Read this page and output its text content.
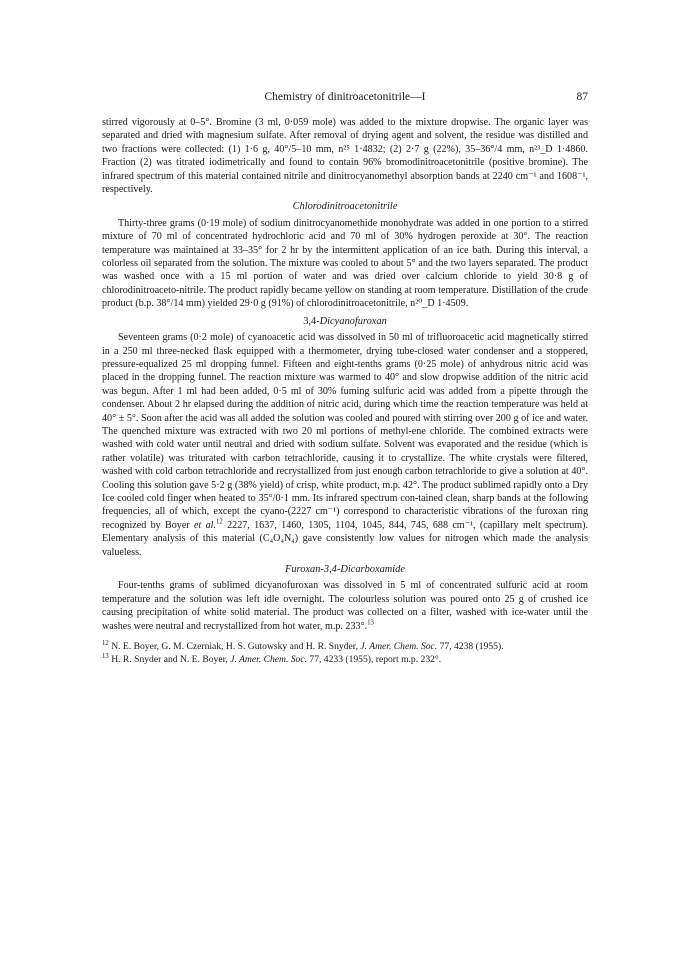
Chemistry of dinitroacetonitrile—I	87

stirred vigorously at 0–5°. Bromine (3 ml, 0·059 mole) was added to the mixture dropwise. The organic layer was separated and dried with magnesium sulfate. After removal of drying agent and solvent, the residue was distilled and two fractions were collected: (1) 1·6 g, 40°/5–10 mm, n²⁵ 1·4832; (2) 2·7 g (22%), 35–36°/4 mm, n²³_D 1·4860. Fraction (2) was titrated iodimetrically and found to contain 96% bromodinitroacetonitrile (positive bromine). The infrared spectrum of this material contained nitrile and dinitrocyanomethyl absorption bands at 2240 cm⁻¹ and 1608⁻¹, respectively.

Chlorodinitroacetonitrile

Thirty-three grams (0·19 mole) of sodium dinitrocyanomethide monohydrate was added in one portion to a stirred mixture of 70 ml of concentrated hydrochloric acid and 70 ml of 30% hydrogen peroxide at 30°. The reaction temperature was maintained at 33–35° for 2 hr by the intermittent application of an ice bath. During this interval, a colorless oil separated from the solution. The mixture was cooled to about 5° and the two layers separated. The product was washed once with a 15 ml portion of water and was dried over calcium chloride to yield 30·8 g of chlorodinitroaceto-nitrile. The product rapidly became yellow on standing at room temperature. Distillation of the crude product (b.p. 38°/14 mm) yielded 29·0 g (91%) of chlorodinitroacetonitrile, n²⁰_D 1·4509.

3,4-Dicyanofuroxan

Seventeen grams (0·2 mole) of cyanoacetic acid was dissolved in 50 ml of trifluoroacetic acid magnetically stirred in a 250 ml three-necked flask equipped with a thermometer, drying tube-closed water condenser and a stoppered, pressure-equalized 25 ml dropping funnel. Fifteen and eight-tenths grams (0·25 mole) of anhydrous nitric acid was placed in the dropping funnel. The reaction mixture was warmed to 40° and slow dropwise addition of the nitric acid was begun. After 1 ml had been added, 0·5 ml of 30% fuming sulfuric acid was added from a pipette through the condenser. About 2 hr elapsed during the addition of nitric acid, during which time the reaction temperature was held at 40° ± 5°. Soon after the acid was all added the solution was cooled and poured with stirring over 200 g of ice and water. The quenched mixture was extracted with two 20 ml portions of methyl-ene chloride. The combined extracts were washed with cold water until neutral and dried with sodium sulfate. Solvent was evaporated and the residue (which is rather volatile) was triturated with carbon tetrachloride, causing it to crystallize. The white crystals were filtered, washed with cold carbon tetrachloride and recrystallized from just enough carbon tetrachloride to give a solution at 40°. Cooling this solution gave 5·2 g (38% yield) of crisp, white product, m.p. 42°. The product sublimed rapidly onto a Dry Ice cooled cold finger when heated to 35°/0·1 mm. Its infrared spectrum con-tained clean, sharp bands at the following frequencies, all of which, except the cyano-(2227 cm⁻¹) correspond to characteristic vibrations of the furoxan ring recognized by Boyer et al.$^{12}$ 2227, 1637, 1460, 1305, 1104, 1045, 844, 745, 688 cm⁻¹, (capillary melt spectrum). Elementary analysis of this material (C₄O₄N₄) gave consistently low values for nitrogen which made the analysis valueless.

Furoxan-3,4-Dicarboxamide

Four-tenths grams of sublimed dicyanofuroxan was dissolved in 5 ml of concentrated sulfuric acid at room temperature and the solution was left idle overnight. The colourless solution was poured onto 25 g of crushed ice causing precipitation of white solid material. The product was collected on a filter, washed with ice-water until the washes were neutral and recrystallized from hot water, m.p. 233°.$^{13}$

$^{12}$ N. E. Boyer, G. M. Czerniak, H. S. Gutowsky and H. R. Snyder, J. Amer. Chem. Soc. 77, 4238 (1955).

$^{13}$ H. R. Snyder and N. E. Boyer, J. Amer. Chem. Soc. 77, 4233 (1955), report m.p. 232°.
